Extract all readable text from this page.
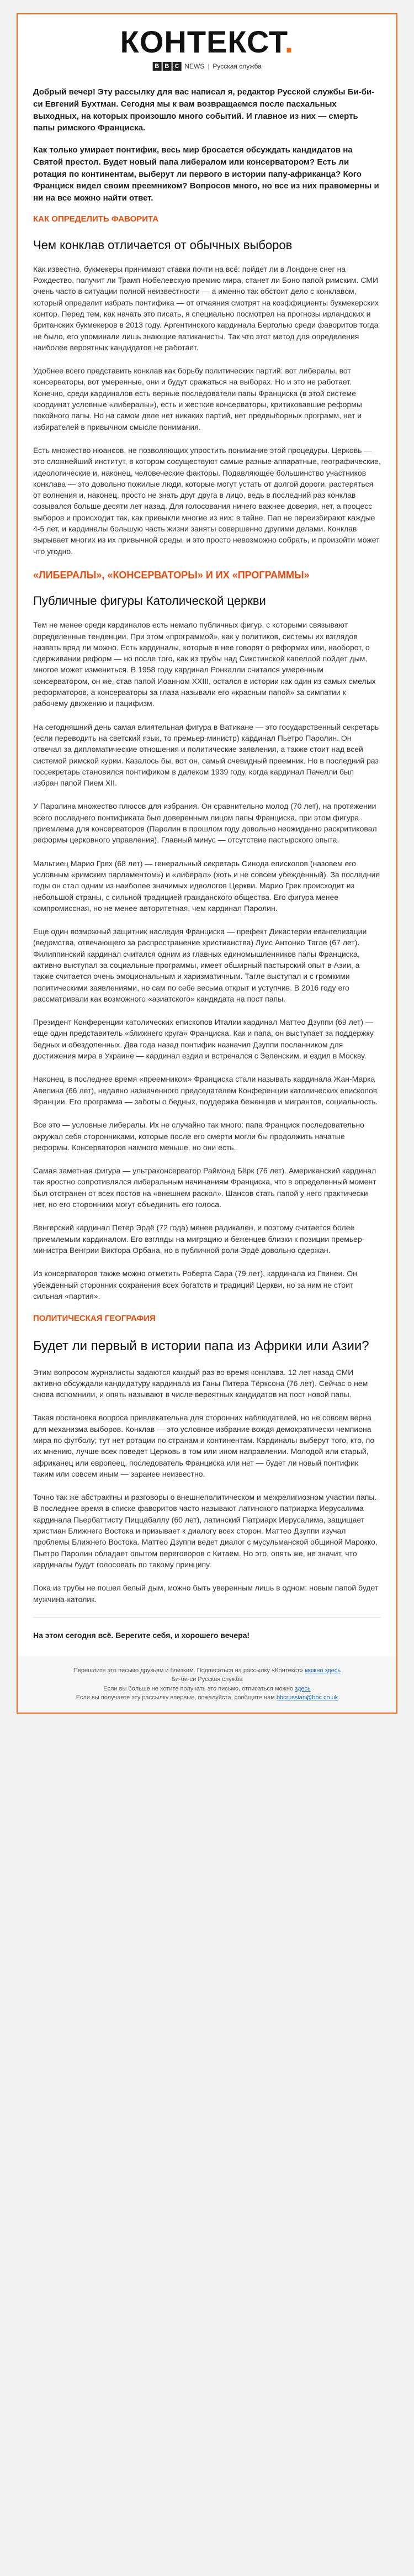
КОНТЕКСТ.
B B C NEWS | Русская служба

Добрый вечер! Эту рассылку для вас написал я, редактор Русской службы Би-би-си Евгений Бухтман. Сегодня мы к вам возвращаемся после пасхальных выходных, на которых произошло много событий. И главное из них — смерть папы римского Франциска.

Как только умирает понтифик, весь мир бросается обсуждать кандидатов на Святой престол. Будет новый папа либералом или консерватором? Есть ли ротация по континентам, выберут ли первого в истории папу-африканца? Кого Франциск видел своим преемником? Вопросов много, но все из них правомерны и ни на все можно найти ответ.

КАК ОПРЕДЕЛИТЬ ФАВОРИТА
Чем конклав отличается от обычных выборов

Как известно, букмекеры принимают ставки почти на всё: пойдет ли в Лондоне снег на Рождество, получит ли Трамп Нобелевскую премию мира, станет ли Боно папой римским. СМИ очень часто в ситуации полной неизвестности — а именно так обстоит дело с конклавом, который определит избрать понтифика — от отчаяния смотрят на коэффициенты букмекерских контор. Перед тем, как начать это писать, я специально посмотрел на прогнозы ирландских и британских букмекеров в 2013 году. Аргентинского кардинала Берголью среди фаворитов тогда не было, его упоминали лишь знающие ватиканисты. Так что этот метод для определения наиболее вероятных кандидатов не работает.

Удобнее всего представить конклав как борьбу политических партий: вот либералы, вот консерваторы, вот умеренные, они и будут сражаться на выборах. Но и это не работает. Конечно, среди кардиналов есть верные последователи папы Франциска (в этой системе координат условные «либералы»), есть и жесткие консерваторы, критиковавшие реформы покойного папы. Но на самом деле нет никаких партий, нет предвыборных программ, нет и избирателей в привычном смысле понимания.

Есть множество нюансов, не позволяющих упростить понимание этой процедуры. Церковь — это сложнейший институт, в котором сосуществуют самые разные аппаратные, географические, идеологические и, наконец, человеческие факторы. Подавляющее большинство участников конклава — это довольно пожилые люди, которые могут устать от долгой дороги, растеряться от волнения и, наконец, просто не знать друг друга в лицо, ведь в последний раз конклав созывался больше десяти лет назад. Для голосования ничего важнее доверия, нет, а процесс выборов и происходит так, как привыкли многие из них: в тайне. Пап не переизбирают каждые 4-5 лет, и кардиналы большую часть жизни заняты совершенно другими делами. Конклав вырывает многих из их привычной среды, и это просто невозможно собрать, и произойти может что угодно.

«ЛИБЕРАЛЫ», «КОНСЕРВАТОРЫ» И ИХ «ПРОГРАММЫ»
Публичные фигуры Католической церкви

Тем не менее среди кардиналов есть немало публичных фигур, с которыми связывают определенные тенденции. При этом «программой», как у политиков, системы их взглядов назвать вряд ли можно. Есть кардиналы, которые в нее говорят о реформах или, наоборот, о сдерживании реформ — но после того, как из трубы над Сикстинской капеллой пойдет дым, многое может измениться. В 1958 году кардинал Ронкалли считался умеренным консерватором, он же, став папой Иоанном XXIII, остался в истории как один из самых смелых реформаторов, а консерваторы за глаза называли его «красным папой» за симпатии к рабочему движению и пацифизм.

На сегодняшний день самая влиятельная фигура в Ватикане — это государственный секретарь (если переводить на светский язык, то премьер-министр) кардинал Пьетро Паролин. Он отвечал за дипломатические отношения и политические заявления, а также стоит над всей системой римской курии. Казалось бы, вот он, самый очевидный преемник. Но в последний раз госсекретарь становился понтификом в далеком 1939 году, когда кардинал Пачелли был избран папой Пием XII.

У Паролина множество плюсов для избрания. Он сравнительно молод (70 лет), на протяжении всего последнего понтификата был доверенным лицом папы Франциска, при этом фигура приемлема для консерваторов (Паролин в прошлом году довольно неожиданно раскритиковал реформы церковного управления). Главный минус — отсутствие пастырского опыта.

Мальтиец Марио Грех (68 лет) — генеральный секретарь Синода епископов (назовем его условным «римским парламентом») и «либерал» (хоть и не совсем убежденный). За последние годы он стал одним из наиболее значимых идеологов Церкви. Марио Грек происходит из небольшой страны, с сильной традицией гражданского общества. Его фигура менее компромиссная, но не менее авторитетная, чем кардинал Паролин.

Еще один возможный защитник наследия Франциска — префект Дикастерии евангелизации (ведомства, отвечающего за распространение христианства) Луис Антонио Тагле (67 лет). Филиппинский кардинал считался одним из главных единомышленников папы Франциска, активно выступал за социальные программы, имеет обширный пастырский опыт в Азии, а также считается очень эмоциональным и харизматичным. Тагле выступал и с громкими политическими заявлениями, но сам по себе весьма открыт и уступчив. В 2016 году его рассматривали как возможного «азиатского» кандидата на пост папы.

Президент Конференции католических епископов Италии кардинал Маттео Дзуппи (69 лет) — еще один представитель «ближнего круга» Франциска. Как и папа, он выступает за поддержку бедных и обездоленных. Два года назад понтифик назначил Дзуппи посланником для достижения мира в Украине — кардинал ездил и встречался с Зеленским, и ездил в Москву.

Наконец, в последнее время «преемником» Франциска стали называть кардинала Жан-Марка Авелина (66 лет), недавно назначенного председателем Конференции католических епископов Франции. Его программа — заботы о бедных, поддержка беженцев и мигрантов, социальность.

Все это — условные либералы. Их не случайно так много: папа Франциск последовательно окружал себя сторонниками, которые после его смерти могли бы продолжить начатые реформы. Консерваторов намного меньше, но они есть.

Самая заметная фигура — ультраконсерватор Раймонд Бёрк (76 лет). Американский кардинал так яростно сопротивлялся либеральным начинаниям Франциска, что в определенный момент был отстранен от всех постов на «внешнем раскол». Шансов стать папой у него практически нет, но его сторонники могут объединить его голоса.

Венгерский кардинал Петер Эрдё (72 года) менее радикален, и поэтому считается более приемлемым кардиналом. Его взгляды на миграцию и беженцев близки к позиции премьер-министра Венгрии Виктора Орбана, но в публичной роли Эрдё довольно сдержан.

Из консерваторов также можно отметить Роберта Сара (79 лет), кардинала из Гвинеи. Он убежденный сторонник сохранения всех богатств и традиций Церкви, но за ним не стоит сильная «партия».

ПОЛИТИЧЕСКАЯ ГЕОГРАФИЯ
Будет ли первый в истории папа из Африки или Азии?

Этим вопросом журналисты задаются каждый раз во время конклава. 12 лет назад СМИ активно обсуждали кандидатуру кардинала из Ганы Питера Тёрксона (76 лет). Сейчас о нем снова вспомнили, и опять называют в числе вероятных кандидатов на пост новой папы.

Такая постановка вопроса привлекательна для сторонних наблюдателей, но не совсем верна для механизма выборов. Конклав — это условное избрание вождя демократически чемпиона мира по футболу; тут нет ротации по странам и континентам. Кардиналы выберут того, кто, по их мнению, лучше всех поведет Церковь в том или ином направлении. Молодой или старый, африканец или европеец, последователь Франциска или нет — будет ли новый понтифик таким или совсем иным — заранее неизвестно.

Точно так же абстрактны и разговоры о внешнеполитическом и межрелигиозном участии папы. В последнее время в списке фаворитов часто называют латинского патриарха Иерусалима кардинала Пьербаттисту Пиццабаллу (60 лет), латинский Патриарх Иерусалима, защищает христиан Ближнего Востока и призывает к диалогу всех сторон. Маттео Дзуппи изучал проблемы Ближнего Востока. Маттео Дзуппи ведет диалог с мусульманской общиной Марокко, Пьетро Паролин обладает опытом переговоров с Китаем. Но это, опять же, не значит, что кардиналы будут голосовать по такому принципу.

Пока из трубы не пошел белый дым, можно быть уверенным лишь в одном: новым папой будет мужчина-католик.

На этом сегодня всё. Берегите себя, и хорошего вечера!

Перешлите это письмо друзьям и близким. Подписаться на рассылку «Контекст» можно здесь
Би-би-си Русская служба
Если вы больше не хотите получать это письмо, отписаться можно здесь
Если вы получаете эту рассылку впервые, пожалуйста, сообщите нам bbcrussian@bbc.co.uk
